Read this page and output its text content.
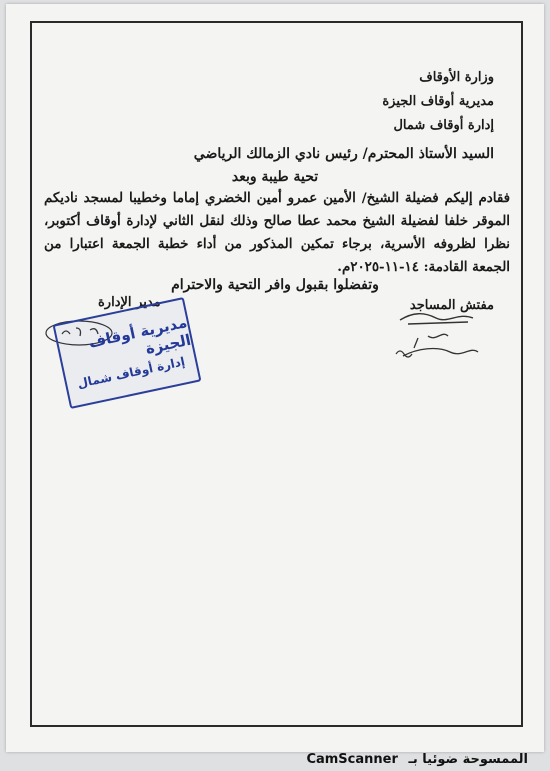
وزارة الأوقاف
مديرية أوقاف الجيزة
إدارة أوقاف شمال
السيد الأستاذ المحترم/ رئيس نادي الزمالك الرياضي
تحية طيبة وبعد
فقادم إليكم فضيلة الشيخ/ الأمين عمرو أمين الخضري إماما وخطيبا لمسجد ناديكم الموقر خلفا لفضيلة الشيخ محمد عطا صالح وذلك لنقل الثاني لإدارة أوقاف أكتوبر، نظرا لظروفه الأسرية، برجاء تمكين المذكور من أداء خطبة الجمعة اعتبارا من الجمعة القادمة: ١٤-١١-٢٠٢٥م.
وتفضلوا بقبول وافر التحية والاحترام
مفتش المساجد
مدير الإدارة
مديرية أوقاف الجيزة
إدارة أوقاف شمال
CamScanner الممسوحة ضوئيا بـ
